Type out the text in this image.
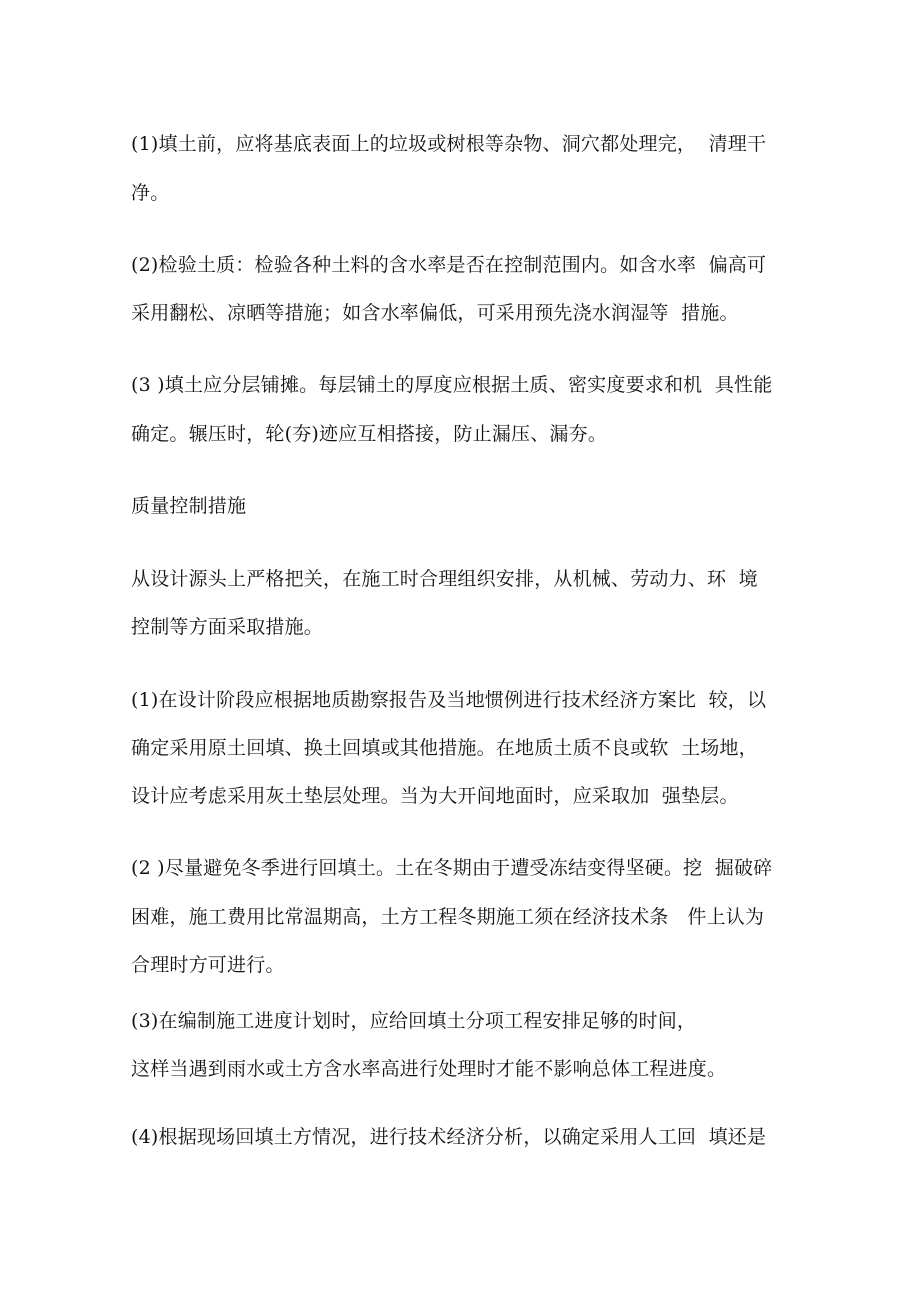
(1)填土前，应将基底表面上的垃圾或树根等杂物、洞穴都处理完，  清理干
净。
(2)检验土质：检验各种土料的含水率是否在控制范围内。如含水率  偏高可
采用翻松、凉晒等措施；如含水率偏低，可采用预先浇水润湿等  措施。
(3 )填土应分层铺摊。每层铺土的厚度应根据土质、密实度要求和机  具性能
确定。辗压时，轮(夯)迹应互相搭接，防止漏压、漏夯。
质量控制措施
从设计源头上严格把关，在施工时合理组织安排，从机械、劳动力、环  境
控制等方面采取措施。
(1)在设计阶段应根据地质勘察报告及当地惯例进行技术经济方案比  较，以
确定采用原土回填、换土回填或其他措施。在地质土质不良或软  土场地，
设计应考虑采用灰土垫层处理。当为大开间地面时，应采取加  强垫层。
(2 )尽量避免冬季进行回填土。土在冬期由于遭受冻结变得坚硬。挖  掘破碎
困难，施工费用比常温期高，土方工程冬期施工须在经济技术条   件上认为
合理时方可进行。
(3)在编制施工进度计划时，应给回填土分项工程安排足够的时间，
这样当遇到雨水或土方含水率高进行处理时才能不影响总体工程进度。
(4)根据现场回填土方情况，进行技术经济分析，以确定采用人工回  填还是
